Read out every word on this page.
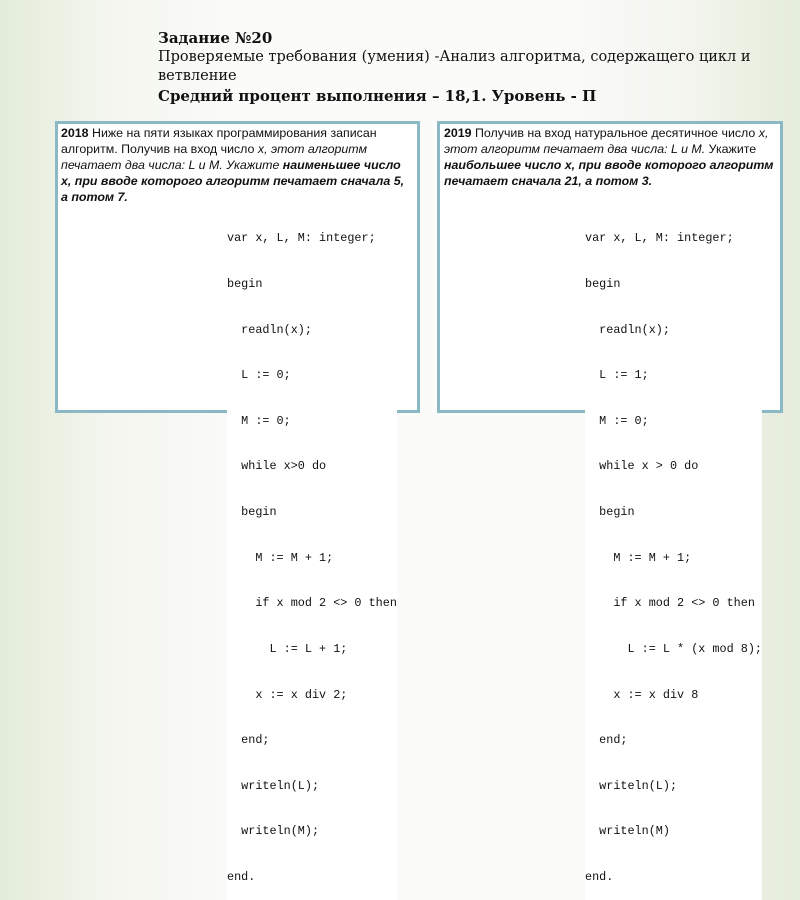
Задание №20
Проверяемые требования (умения) -Анализ алгоритма, содержащего цикл и ветвление
Средний процент выполнения – 18,1. Уровень - П
2018 Ниже на пяти языках программирования записан алгоритм. Получив на вход число x, этот алгоритм печатает два числа: L и M. Укажите наименьшее число x, при вводе которого алгоритм печатает сначала 5, а потом 7.

var x, L, M: integer;

begin

readln(x);

L := 0;

M := 0;

while x>0 do

begin

M := M + 1;

if x mod 2 <> 0 then

L := L + 1;

x := x div 2;

end;

writeln(L);

writeln(M);

end.

2019 Получив на вход натуральное десятичное число x, этот алгоритм печатает два числа: L и M. Укажите наибольшее число x, при вводе которого алгоритм печатает сначала 21, а потом 3.

var x, L, M: integer;

begin

readln(x);

L := 1;

M := 0;

while x > 0 do

begin

M := M + 1;

if x mod 2 <> 0 then

L := L * (x mod 8);

x := x div 8

end;

writeln(L);

writeln(M)

end.
